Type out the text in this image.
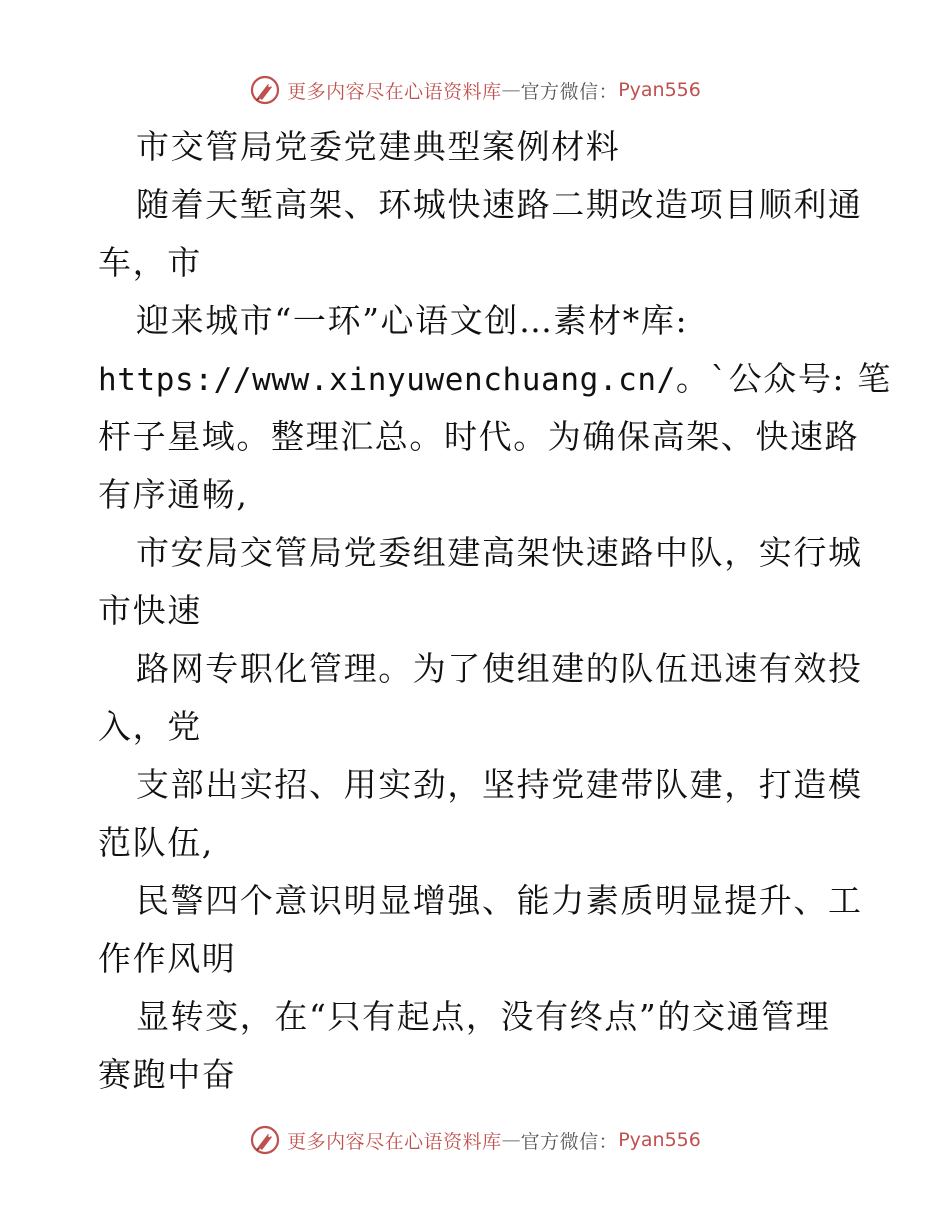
更多内容尽在心语资料库 — 官方微信： Pyan556
市交管局党委党建典型案例材料
随着天堑高架、环城快速路二期改造项目顺利通
车，市
迎来城市“一环”心语文创…素材*库:
https://www.xinyuwenchuang.cn/。`公众号: 笔
杆子星域。整理汇总。时代。为确保高架、快速路
有序通畅,
市安局交管局党委组建高架快速路中队，实行城
市快速
路网专职化管理。为了使组建的队伍迅速有效投
入，党
支部出实招、用实劲，坚持党建带队建，打造模
范队伍,
民警四个意识明显增强、能力素质明显提升、工
作作风明
显转变，在“只有起点，没有终点”的交通管理
赛跑中奋
更多内容尽在心语资料库 — 官方微信： Pyan556
